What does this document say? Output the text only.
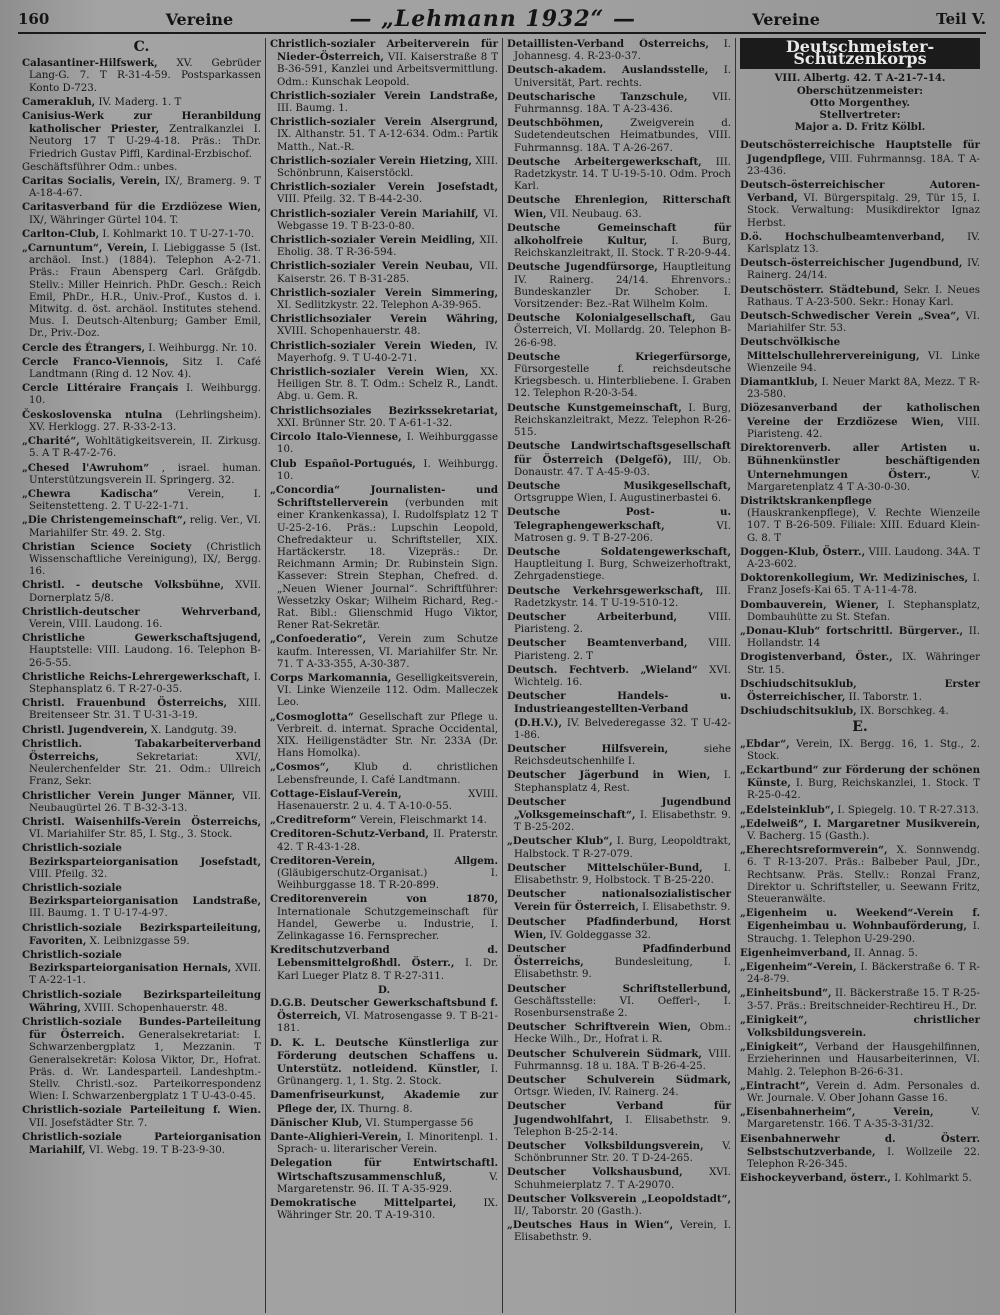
160	Vereine	— „Lehmann 1932“ —	Vereine	Teil V.
C.
Calasantiner-Hilfswerk, XV. Gebrüder Lang-G. 7. T R-31-4-59. Postsparkassen Konto D-723.
Camerakluh, IV. Maderg. 1. T
Canisius-Werk zur Heranbildung katholischer Priester, Zentralkanzlei I. Neutorg 17 T U-29-4-18. Präs.: ThDr. Friedrich Gustav Piffl, Kardinal-Erzbischof.
Geschäftsführer Odm.: unbes.
Caritas Socialis, Verein, IX/, Bramerg. 9. T A-18-4-67.
Caritasverband für die Erzdiözese Wien, IX/, Währinger Gürtel 104. T.
Carlton-Club, I. Kohlmarkt 10. T U-27-1-70.
„Carnuntum“, Verein, I. Liebiggasse 5 (Ist. archäol. Inst.) (1884). Telephon A-2-71. Präs.: Fraun Abensperg Carl. Gräfgdb. Stellv.: Miller Heinrich. PhDr. Gesch.: Reich Emil, PhDr., H.R., Univ.-Prof., Kustos d. i. Mitwitg. d. öst. archäol. Institutes stehend. Mus. I. Deutsch-Altenburg; Gamber Emil, Dr., Priv.-Doz.
Cercle des Étrangers, I. Weihburgg. Nr. 10.
Cercle Franco-Viennois, Sitz I. Café Landtmann (Ring d. 12 Nov. 4).
Cercle Littéraire Français I. Weihburgg. 10.
Československa ntulna (Lehrlingsheim). XV. Herklogg. 27. R-33-2-13.
„Charité“, Wohltätigkeitsverein, II. Zirkusg. 5. A T R-47-2-76.
„Chesed l'Awruhom“ , israel. human. Unterstützungsverein II. Springerg. 32.
„Chewra Kadischa“	Verein, I. Seitenstetteng. 2. T U-22-1-71.
„Die Christengemeinschaft“, relig. Ver., VI. Mariahilfer Str. 49. 2. Stg.
Christian Science Society (Christlich Wissenschaftliche Vereinigung), IX/, Bergg. 16.
Christl. - deutsche Volksbühne, XVII. Dornerplatz 5/8.
Christlich-deutscher Wehrverband, Verein, VIII. Laudong. 16.
Christliche Gewerkschaftsjugend, Hauptstelle: VIII. Laudong. 16. Telephon B-26-5-55.
Christliche Reichs-Lehrergewerkschaft, I. Stephansplatz 6. T R-27-0-35.
Christl. Frauenbund Österreichs, XIII. Breitenseer Str. 31. T U-31-3-19.
Christl. Jugendverein, X. Landgutg. 39.
Christlich. Tabakarbeiterverband Österreichs,	Sekretariat: XVI/, Neulerchenfelder Str. 21. Odm.: Ullreich Franz, Sekr.
Christlicher Verein Junger Männer, VII. Neubaugürtel 26. T B-32-3-13.
Christl. Waisenhilfs-Verein Österreichs, VI. Mariahilfer Str. 85, I. Stg., 3. Stock.
Christlich-soziale Bezirksparteiorganisation Josefstadt, VIII. Pfeilg. 32.
Christlich-soziale Bezirksparteiorganisation Landstraße, III. Baumg. 1. T U-17-4-97.
Christlich-soziale Bezirksparteileitung, Favoriten, X. Leibnizgasse 59.
Christlich-soziale Bezirksparteiorganisation Hernals, XVII. T A-22-1-1.
Christlich-soziale Bezirksparteileitung Währing, XVIII. Schopenhauerstr. 48.
Christlich-soziale Bundes-Parteileitung für Österreich. Generalsekretariat: I. Schwarzenbergplatz 1, Mezzanin. T Generalsekretär: Kolosa Viktor, Dr., Hofrat. Präs. d. Wr. Landesparteil. Landeshptm.-Stellv. Christl.-soz. Parteikorrespondenz Wien: I. Schwarzenbergplatz 1 T U-43-0-45.
Christlich-soziale Parteileitung f. Wien. VII. Josefstädter Str. 7.
Christlich-soziale Parteiorganisation Mariahilf, VI. Webg. 19. T B-23-9-30.
Christlich-sozialer Arbeiterverein für Nieder-Österreich, VII. Kaiserstraße 8 T B-36-591, Kanzlei und Arbeitsvermittlung. Odm.: Kunschak Leopold.
Christlich-sozialer Verein Landstraße, III. Baumg. 1.
Christlich-sozialer Verein Alsergrund, IX. Althanstr. 51. T A-12-634. Odm.: Partik Matth., Nat.-R.
Christlich-sozialer Verein Hietzing, XIII. Schönbrunn, Kaiserstöckl.
Christlich-sozialer Verein Josefstadt, VIII. Pfeilg. 32. T B-44-2-30.
Christlich-sozialer Verein Mariahilf, VI. Webgasse 19. T B-23-0-80.
Christlich-sozialer Verein Meidling, XII. Eholig. 38. T R-36-594.
Christlich-sozialer Verein Neubau, VII. Kaiserstr. 26. T B-31-285.
Christlich-sozialer Verein Simmering, XI. Sedlitzkystr. 22. Telephon A-39-965.
Christlichsozialer Verein Währing, XVIII. Schopenhauerstr. 48.
Christlich-sozialer Verein Wieden, IV. Mayerhofg. 9. T U-40-2-71.
Christlich-sozialer Verein Wien, XX. Heiligen Str. 8. T. Odm.: Schelz R., Landt. Abg. u. Gem. R.
Christlichsoziales Bezirkssekretariat, XXI. Brünner Str. 20. T A-61-1-32.
Circolo Italo-Viennese, I. Weihburggasse 10.
Club Español-Portugués, I. Weihburgg. 10.
„Concordia“ Journalisten- und Schriftstellerverein (verbunden mit einer Krankenkassa), I. Rudolfsplatz 12 T U-25-2-16. Präs.: Lupschin Leopold, Chefredakteur u. Schriftsteller, XIX. Hartäckerstr. 18. Vizepräs.: Dr. Reichmann Armin; Dr. Rubinstein Sign. Kassever: Strein Stephan, Chefred. d. „Neuen Wiener Journal“. Schriftführer: Wessetzky Oskar; Wilheim Richard, Reg.-Rat. Bibl.: Glienschmid Hugo Viktor, Rener Rat-Sekretär.
„Confoederatio“, Verein zum Schutze kaufm. Interessen, VI. Mariahilfer Str. Nr. 71. T A-33-355, A-30-387.
Corps Markomannia, Geselligkeitsverein, VI. Linke Wienzeile 112. Odm. Malleczek Leo.
„Cosmoglotta“ Gesellschaft zur Pflege u. Verbreit. d. internat. Sprache Occidental, XIX. Heiligenstädter Str. Nr. 233A (Dr. Hans Homolka).
„Cosmos“, Klub d. christlichen Lebensfreunde, I. Café Landtmann.
Cottage-Eislauf-Verein,	XVIII. Hasenauerstr. 2 u. 4. T A-10-0-55.
„Creditreform“ Verein, Fleischmarkt 14.
Creditoren-Schutz-Verband, II. Praterstr. 42. T R-43-1-28.
Creditoren-Verein, Allgem. (Gläubigerschutz-Organisat.) I. Weihburggasse 18. T R-20-899.
Creditorenverein von 1870, Internationale Schutzgemeinschaft für Handel, Gewerbe u. Industrie, I. Zelinkagasse 16. Fernsprecher.
Kreditschutzverband d. Lebensmittelgroßhdl. Österr., I. Dr. Karl Lueger Platz 8. T R-27-311.
D.
D.G.B. Deutscher Gewerkschaftsbund f. Österreich, VI. Matrosengasse 9. T B-21-181.
D. K. L. Deutsche Künstlerliga zur Förderung deutschen Schaffens u. Unterstütz. notleidend. Künstler, I. Grünangerg. 1, 1. Stg. 2. Stock.
Damenfriseurkunst, Akademie zur Pflege der, IX. Thurng. 8.
Dänischer Klub, VI. Stumpergasse 56
Dante-Alighieri-Verein, I. Minoritenpl. 1. Sprach- u. literarischer Verein.
Delegation für Entwirtschaftl. Wirtschaftszusammenschluß,	V. Margaretenstr. 96. II. T A-35-929.
Demokratische Mittelpartei,	IX. Währinger Str. 20. T A-19-310.
Detaillisten-Verband Österreichs, I. Johannesg. 4. R-23-0-37.
Deutsch-akadem. Auslandsstelle, I. Universität, Part. rechts.
Deutscharische Tanzschule, VII. Fuhrmannsg. 18A. T A-23-436.
Deutschböhmen,	Zweigverein d. Sudetendeutschen Heimatbundes, VIII. Fuhrmannsg. 18A. T A-26-267.
Deutsche Arbeitergewerkschaft, III. Radetzkystr. 14. T U-19-5-10. Odm. Proch Karl.
Deutsche Ehrenlegion, Ritterschaft Wien, VII. Neubaug. 63.
Deutsche Gemeinschaft für alkoholfreie Kultur, I. Burg, Reichskanzleitrakt, II. Stock. T R-20-9-44.
Deutsche Jugendfürsorge, Hauptleitung IV. Rainerg. 24/14. Ehrenvors.: Bundeskanzler Dr. Schober. I. Vorsitzender: Bez.-Rat Wilhelm Kolm.
Deutsche Kolonialgesellschaft, Gau Österreich, VI. Mollardg. 20. Telephon B-26-6-98.
Deutsche Kriegerfürsorge, Fürsorgestelle f. reichsdeutsche Kriegsbesch. u. Hinterbliebene. I. Graben 12. Telephon R-20-3-54.
Deutsche Kunstgemeinschaft, I. Burg, Reichskanzleitrakt, Mezz. Telephon R-26-515.
Deutsche Landwirtschaftsgesellschaft für Österreich (Delgefö), III/, Ob. Donaustr. 47. T A-45-9-03.
Deutsche Musikgesellschaft, Ortsgruppe Wien, I. Augustinerbastei 6.
Deutsche Post- u. Telegraphengewerkschaft,	VI. Matrosen g. 9. T B-27-206.
Deutsche Soldatengewerkschaft, Hauptleitung I. Burg, Schweizerhoftrakt, Zehrgadenstiege.
Deutsche Verkehrsgewerkschaft, III. Radetzkystr. 14. T U-19-510-12.
Deutscher Arbeiterbund,	VIII. Piaristeng. 2.
Deutscher Beamtenverband, VIII. Piaristeng. 2. T
Deutsch. Fechtverb. „Wieland“ XVI. Wichtelg. 16.
Deutscher Handels- u. Industrieangestellten-Verband (D.H.V.), IV. Belvederegasse 32. T U-42-1-86.
Deutscher Hilfsverein,	siehe Reichsdeutschenhilfe I.
Deutscher Jägerbund in Wien, I. Stephansplatz 4, Rest.
Deutscher Jugendbund „Volksgemeinschaft“, I. Elisabethstr. 9. T B-25-202.
„Deutscher Klub“, I. Burg, Leopoldtrakt, Halbstock. T R-27-079.
Deutscher Mittelschüler-Bund, I. Elisabethstr. 9, Holbstock. T B-25-220.
Deutscher nationalsozialistischer Verein für Österreich, I. Elisabethstr. 9.
Deutscher Pfadfinderbund, Horst Wien, IV. Goldeggasse 32.
Deutscher Pfadfinderbund Österreichs,	Bundesleitung, I. Elisabethstr. 9.
Deutscher Schriftstellerbund, Geschäftsstelle: VI. Oefferl-, I. Rosenbursenstraße 2.
Deutscher Schriftverein Wien, Obm.: Hecke Wilh., Dr., Hofrat i. R.
Deutscher Schulverein Südmark, VIII. Fuhrmannsg. 18 u. 18A. T B-26-4-25.
Deutscher Schulverein Südmark, Ortsgr. Wieden, IV. Rainerg. 24.
Deutscher Verband für Jugendwohlfahrt, I. Elisabethstr. 9. Telephon B-25-2-14.
Deutscher Volksbildungsverein, V. Schönbrunner Str. 20. T D-24-265.
Deutscher Volkshausbund,	XVI. Schuhmeierplatz 7. T A-29070.
Deutscher Volksverein „Leopoldstadt“, II/, Taborstr. 20 (Gasth.).
„Deutsches Haus in Wien“, Verein, I. Elisabethstr. 9.
Deutschmeister-Schützenkorps
VIII. Albertg. 42. T A-21-7-14.
Oberschützenmeister:
Otto Morgenthey.
Stellvertreter:
Major a. D. Fritz Kölbl.
Deutschösterreichische Hauptstelle für Jugendpflege, VIII. Fuhrmannsg. 18A. T A-23-436.
Deutsch-österreichischer Autoren-Verband, VI. Bürgerspitalg. 29, Tür 15, I. Stock. Verwaltung: Musikdirektor Ignaz Herbst.
D.ö. Hochschulbeamtenverband, IV. Karlsplatz 13.
Deutsch-österreichischer Jugendbund, IV. Rainerg. 24/14.
Deutschösterr. Städtebund, Sekr. I. Neues Rathaus. T A-23-500. Sekr.: Honay Karl.
Deutsch-Schwedischer Verein „Svea“, VI. Mariahilfer Str. 53.
Deutschvölkische Mittelschullehrervereinigung, VI. Linke Wienzeile 94.
Diamantklub, I. Neuer Markt 8A, Mezz. T R-23-580.
Diözesanverband der katholischen Vereine der Erzdiözese Wien, VIII. Piaristeng. 42.
Direktorenverb. aller Artisten u. Bühnenkünstler beschäftigenden Unternehmungen Österr.,	V. Margaretenplatz 4 T A-30-0-30.
Distriktskrankenpflege (Hauskrankenpflege), V. Rechte Wienzeile 107. T B-26-509. Filiale: XIII. Eduard Klein-G. 8. T
Doggen-Klub, Österr., VIII. Laudong. 34A. T A-23-602.
Doktorenkollegium, Wr. Medizinisches, I. Franz Josefs-Kai 65. T A-11-4-78.
Dombauverein, Wiener, I. Stephansplatz, Dombauhütte zu St. Stefan.
„Donau-Klub“ fortschrittl. Bürgerver., II. Hollandstr. 14
Drogistenverband, Öster., IX. Währinger Str. 15.
Dschiudschitsuklub, Erster Österreichischer, II. Taborstr. 1.
Dschiudschitsuklub, IX. Borschkeg. 4.
E.
„Ebdar“, Verein, IX. Bergg. 16, 1. Stg., 2. Stock.
„Eckartbund“ zur Förderung der schönen Künste, I. Burg, Reichskanzlei, 1. Stock. T R-25-0-42.
„Edelsteinklub“, I. Spiegelg. 10. T R-27.313.
„Edelweiß“, I. Margaretner Musikverein, V. Bacherg. 15 (Gasth.).
„Eherechtsreformverein“, X. Sonnwendg. 6. T R-13-207. Präs.: Balbeber Paul, JDr., Rechtsanw. Präs. Stellv.: Ronzal Franz, Direktor u. Schriftsteller, u. Seewann Fritz, Steueranwälte.
„Eigenheim u. Weekend“-Verein f. Eigenheimbau u. Wohnbauförderung, I. Strauchg. 1. Telephon U-29-290.
Eigenheimverband, II. Annag. 5.
„Eigenheim“-Verein, I. Bäckerstraße 6. T R-24-8-79.
„Einheitsbund“, II. Bäckerstraße 15. T R-25-3-57. Präs.: Breitschneider-Rechtireu H., Dr.
„Einigkeit“, christlicher Volksbildungsverein.
„Einigkeit“, Verband der Hausgehilfinnen, Erzieherinnen und Hausarbeiterinnen, VI. Mahlg. 2. Telephon B-26-6-31.
„Eintracht“, Verein d. Adm. Personales d. Wr. Journale. V. Ober Johann Gasse 16.
„Eisenbahnerheim“, Verein,	V. Margaretenstr. 166. T A-35-3-31/32.
Eisenbahnerwehr d. Österr. Selbstschutzverbande, I. Wollzeile 22. Telephon R-26-345.
Eishockeyverband, österr., I. Kohlmarkt 5.
